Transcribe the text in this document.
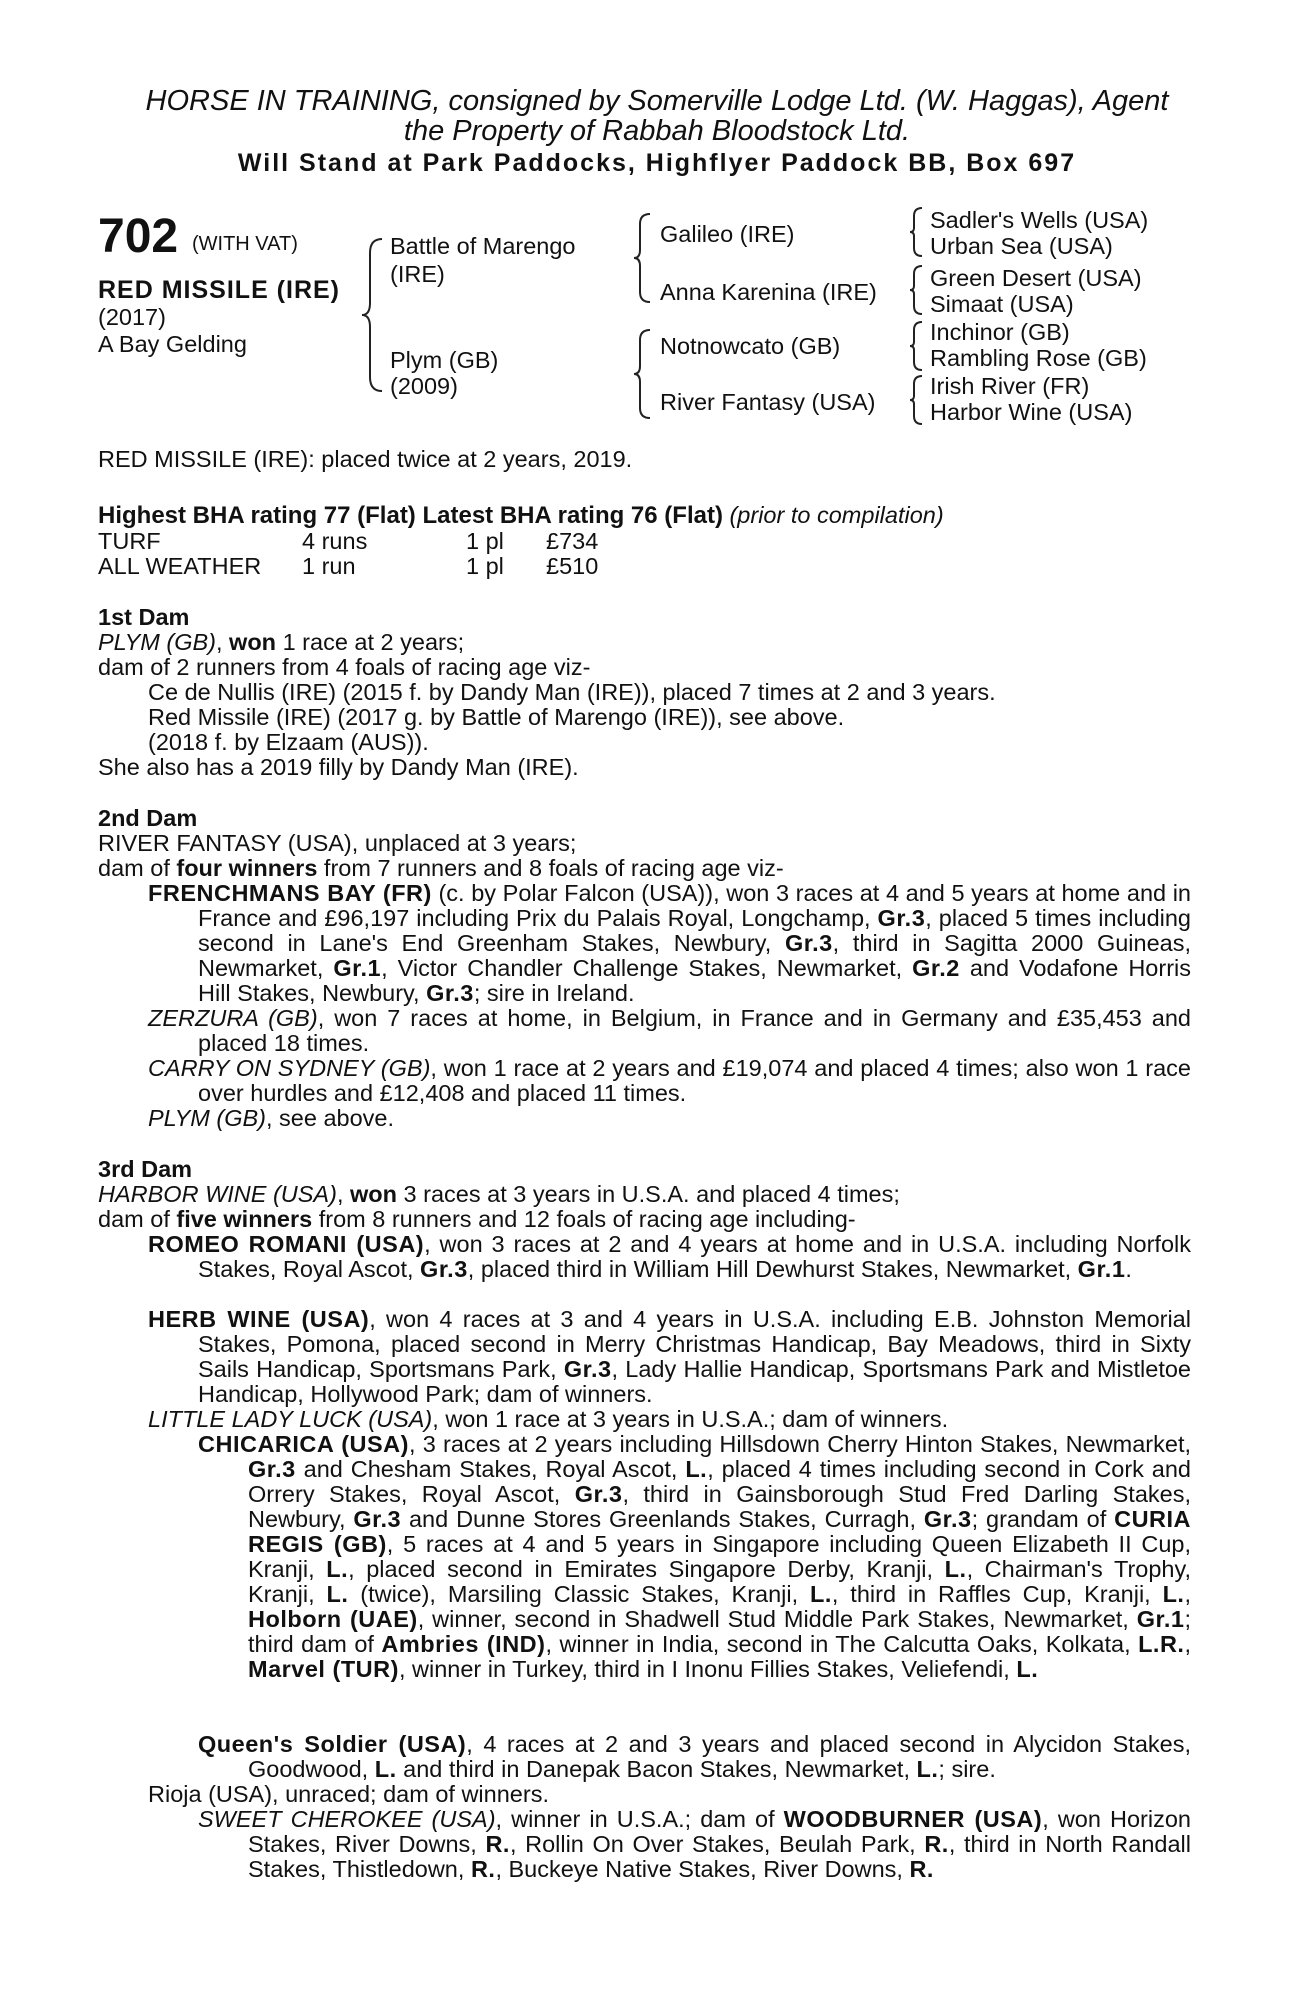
HORSE IN TRAINING, consigned by Somerville Lodge Ltd. (W. Haggas), Agent
the Property of Rabbah Bloodstock Ltd.
Will Stand at Park Paddocks, Highflyer Paddock BB, Box 697
702 (WITH VAT)
RED MISSILE (IRE)
(2017)
A Bay Gelding
Battle of Marengo
(IRE)
Plym (GB)
(2009)
Galileo (IRE)
Anna Karenina (IRE)
Notnowcato (GB)
River Fantasy (USA)
Sadler's Wells (USA)
Urban Sea (USA)
Green Desert (USA)
Simaat (USA)
Inchinor (GB)
Rambling Rose (GB)
Irish River (FR)
Harbor Wine (USA)
RED MISSILE (IRE): placed twice at 2 years, 2019.
Highest BHA rating 77 (Flat) Latest BHA rating 76 (Flat) (prior to compilation)
TURF	4 runs	1 pl £734
ALL WEATHER 1 run	1 pl £510
1st Dam
PLYM (GB), won 1 race at 2 years;
dam of 2 runners from 4 foals of racing age viz-
Ce de Nullis (IRE) (2015 f. by Dandy Man (IRE)), placed 7 times at 2 and 3 years.
Red Missile (IRE) (2017 g. by Battle of Marengo (IRE)), see above.
(2018 f. by Elzaam (AUS)).
She also has a 2019 filly by Dandy Man (IRE).
2nd Dam
RIVER FANTASY (USA), unplaced at 3 years;
dam of four winners from 7 runners and 8 foals of racing age viz-
FRENCHMANS BAY (FR) (c. by Polar Falcon (USA)), won 3 races at 4 and 5 years at home and in France and £96,197 including Prix du Palais Royal, Longchamp, Gr.3, placed 5 times including second in Lane's End Greenham Stakes, Newbury, Gr.3, third in Sagitta 2000 Guineas, Newmarket, Gr.1, Victor Chandler Challenge Stakes, Newmarket, Gr.2 and Vodafone Horris Hill Stakes, Newbury, Gr.3; sire in Ireland.
ZERZURA (GB), won 7 races at home, in Belgium, in France and in Germany and £35,453 and placed 18 times.
CARRY ON SYDNEY (GB), won 1 race at 2 years and £19,074 and placed 4 times; also won 1 race over hurdles and £12,408 and placed 11 times.
PLYM (GB), see above.
3rd Dam
HARBOR WINE (USA), won 3 races at 3 years in U.S.A. and placed 4 times;
dam of five winners from 8 runners and 12 foals of racing age including-
ROMEO ROMANI (USA), won 3 races at 2 and 4 years at home and in U.S.A. including Norfolk Stakes, Royal Ascot, Gr.3, placed third in William Hill Dewhurst Stakes, Newmarket, Gr.1.
HERB WINE (USA), won 4 races at 3 and 4 years in U.S.A. including E.B. Johnston Memorial Stakes, Pomona, placed second in Merry Christmas Handicap, Bay Meadows, third in Sixty Sails Handicap, Sportsmans Park, Gr.3, Lady Hallie Handicap, Sportsmans Park and Mistletoe Handicap, Hollywood Park; dam of winners.
LITTLE LADY LUCK (USA), won 1 race at 3 years in U.S.A.; dam of winners.
CHICARICA (USA), 3 races at 2 years including Hillsdown Cherry Hinton Stakes, Newmarket, Gr.3 and Chesham Stakes, Royal Ascot, L., placed 4 times including second in Cork and Orrery Stakes, Royal Ascot, Gr.3, third in Gainsborough Stud Fred Darling Stakes, Newbury, Gr.3 and Dunne Stores Greenlands Stakes, Curragh, Gr.3; grandam of CURIA REGIS (GB), 5 races at 4 and 5 years in Singapore including Queen Elizabeth II Cup, Kranji, L., placed second in Emirates Singapore Derby, Kranji, L., Chairman's Trophy, Kranji, L. (twice), Marsiling Classic Stakes, Kranji, L., third in Raffles Cup, Kranji, L., Holborn (UAE), winner, second in Shadwell Stud Middle Park Stakes, Newmarket, Gr.1; third dam of Ambries (IND), winner in India, second in The Calcutta Oaks, Kolkata, L.R., Marvel (TUR), winner in Turkey, third in I Inonu Fillies Stakes, Veliefendi, L.
Queen's Soldier (USA), 4 races at 2 and 3 years and placed second in Alycidon Stakes, Goodwood, L. and third in Danepak Bacon Stakes, Newmarket, L.; sire.
Rioja (USA), unraced; dam of winners.
SWEET CHEROKEE (USA), winner in U.S.A.; dam of WOODBURNER (USA), won Horizon Stakes, River Downs, R., Rollin On Over Stakes, Beulah Park, R., third in North Randall Stakes, Thistledown, R., Buckeye Native Stakes, River Downs, R.
